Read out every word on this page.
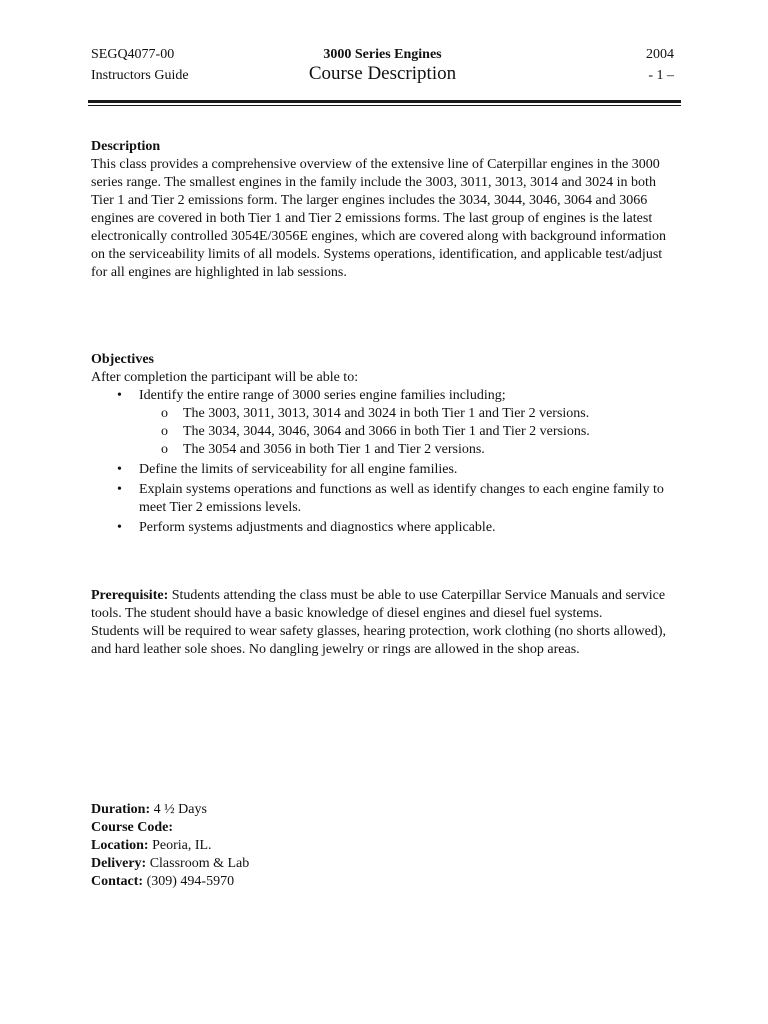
SEGQ4077-00	3000 Series Engines	2004
Instructors Guide	Course Description	- 1 –
Description

This class provides a comprehensive overview of the extensive line of Caterpillar engines in the 3000 series range. The smallest engines in the family include the 3003, 3011, 3013, 3014 and 3024 in both Tier 1 and Tier 2 emissions form. The larger engines includes the 3034, 3044, 3046, 3064 and 3066 engines are covered in both Tier 1 and Tier 2 emissions forms. The last group of engines is the latest electronically controlled 3054E/3056E engines, which are covered along with background information on the serviceability limits of all models. Systems operations, identification, and applicable test/adjust for all engines are highlighted in lab sessions.

Objectives
After completion the participant will be able to:
• Identify the entire range of 3000 series engine families including;
o The 3003, 3011, 3013, 3014 and 3024 in both Tier 1 and Tier 2 versions.
o The 3034, 3044, 3046, 3064 and 3066 in both Tier 1 and Tier 2 versions.
o The 3054 and 3056 in both Tier 1 and Tier 2 versions.
• Define the limits of serviceability for all engine families.
• Explain systems operations and functions as well as identify changes to each engine family to meet Tier 2 emissions levels.
• Perform systems adjustments and diagnostics where applicable.

Prerequisite: Students attending the class must be able to use Caterpillar Service Manuals and service tools. The student should have a basic knowledge of diesel engines and diesel fuel systems.

Students will be required to wear safety glasses, hearing protection, work clothing (no shorts allowed), and hard leather sole shoes. No dangling jewelry or rings are allowed in the shop areas.

Duration: 4 ½ Days
Course Code:
Location: Peoria, IL.
Delivery: Classroom & Lab
Contact: (309) 494-5970
